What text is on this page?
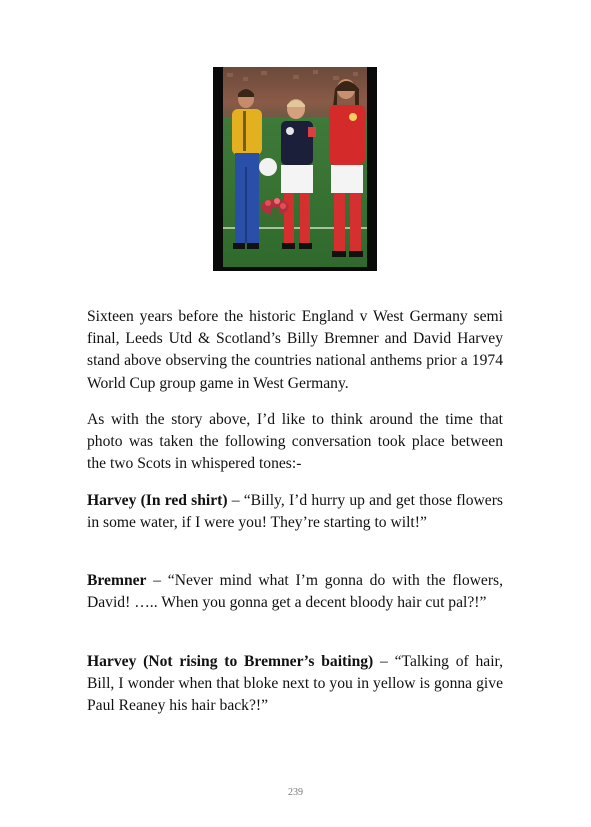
Sixteen years before the historic England v West Germany semi final, Leeds Utd & Scotland’s Billy Bremner and David Harvey stand above observing the countries national anthems prior a 1974 World Cup group game in West Germany.

As with the story above, I’d like to think around the time that photo was taken the following conversation took place between the two Scots in whispered tones:-

Harvey (In red shirt) – “Billy, I’d hurry up and get those flowers in some water, if I were you! They’re starting to wilt!”

Bremner – “Never mind what I’m gonna do with the flowers, David! ….. When you gonna get a decent bloody hair cut pal?!”

Harvey (Not rising to Bremner’s baiting) – “Talking of hair, Bill, I wonder when that bloke next to you in yellow is gonna give Paul Reaney his hair back?!”

239
